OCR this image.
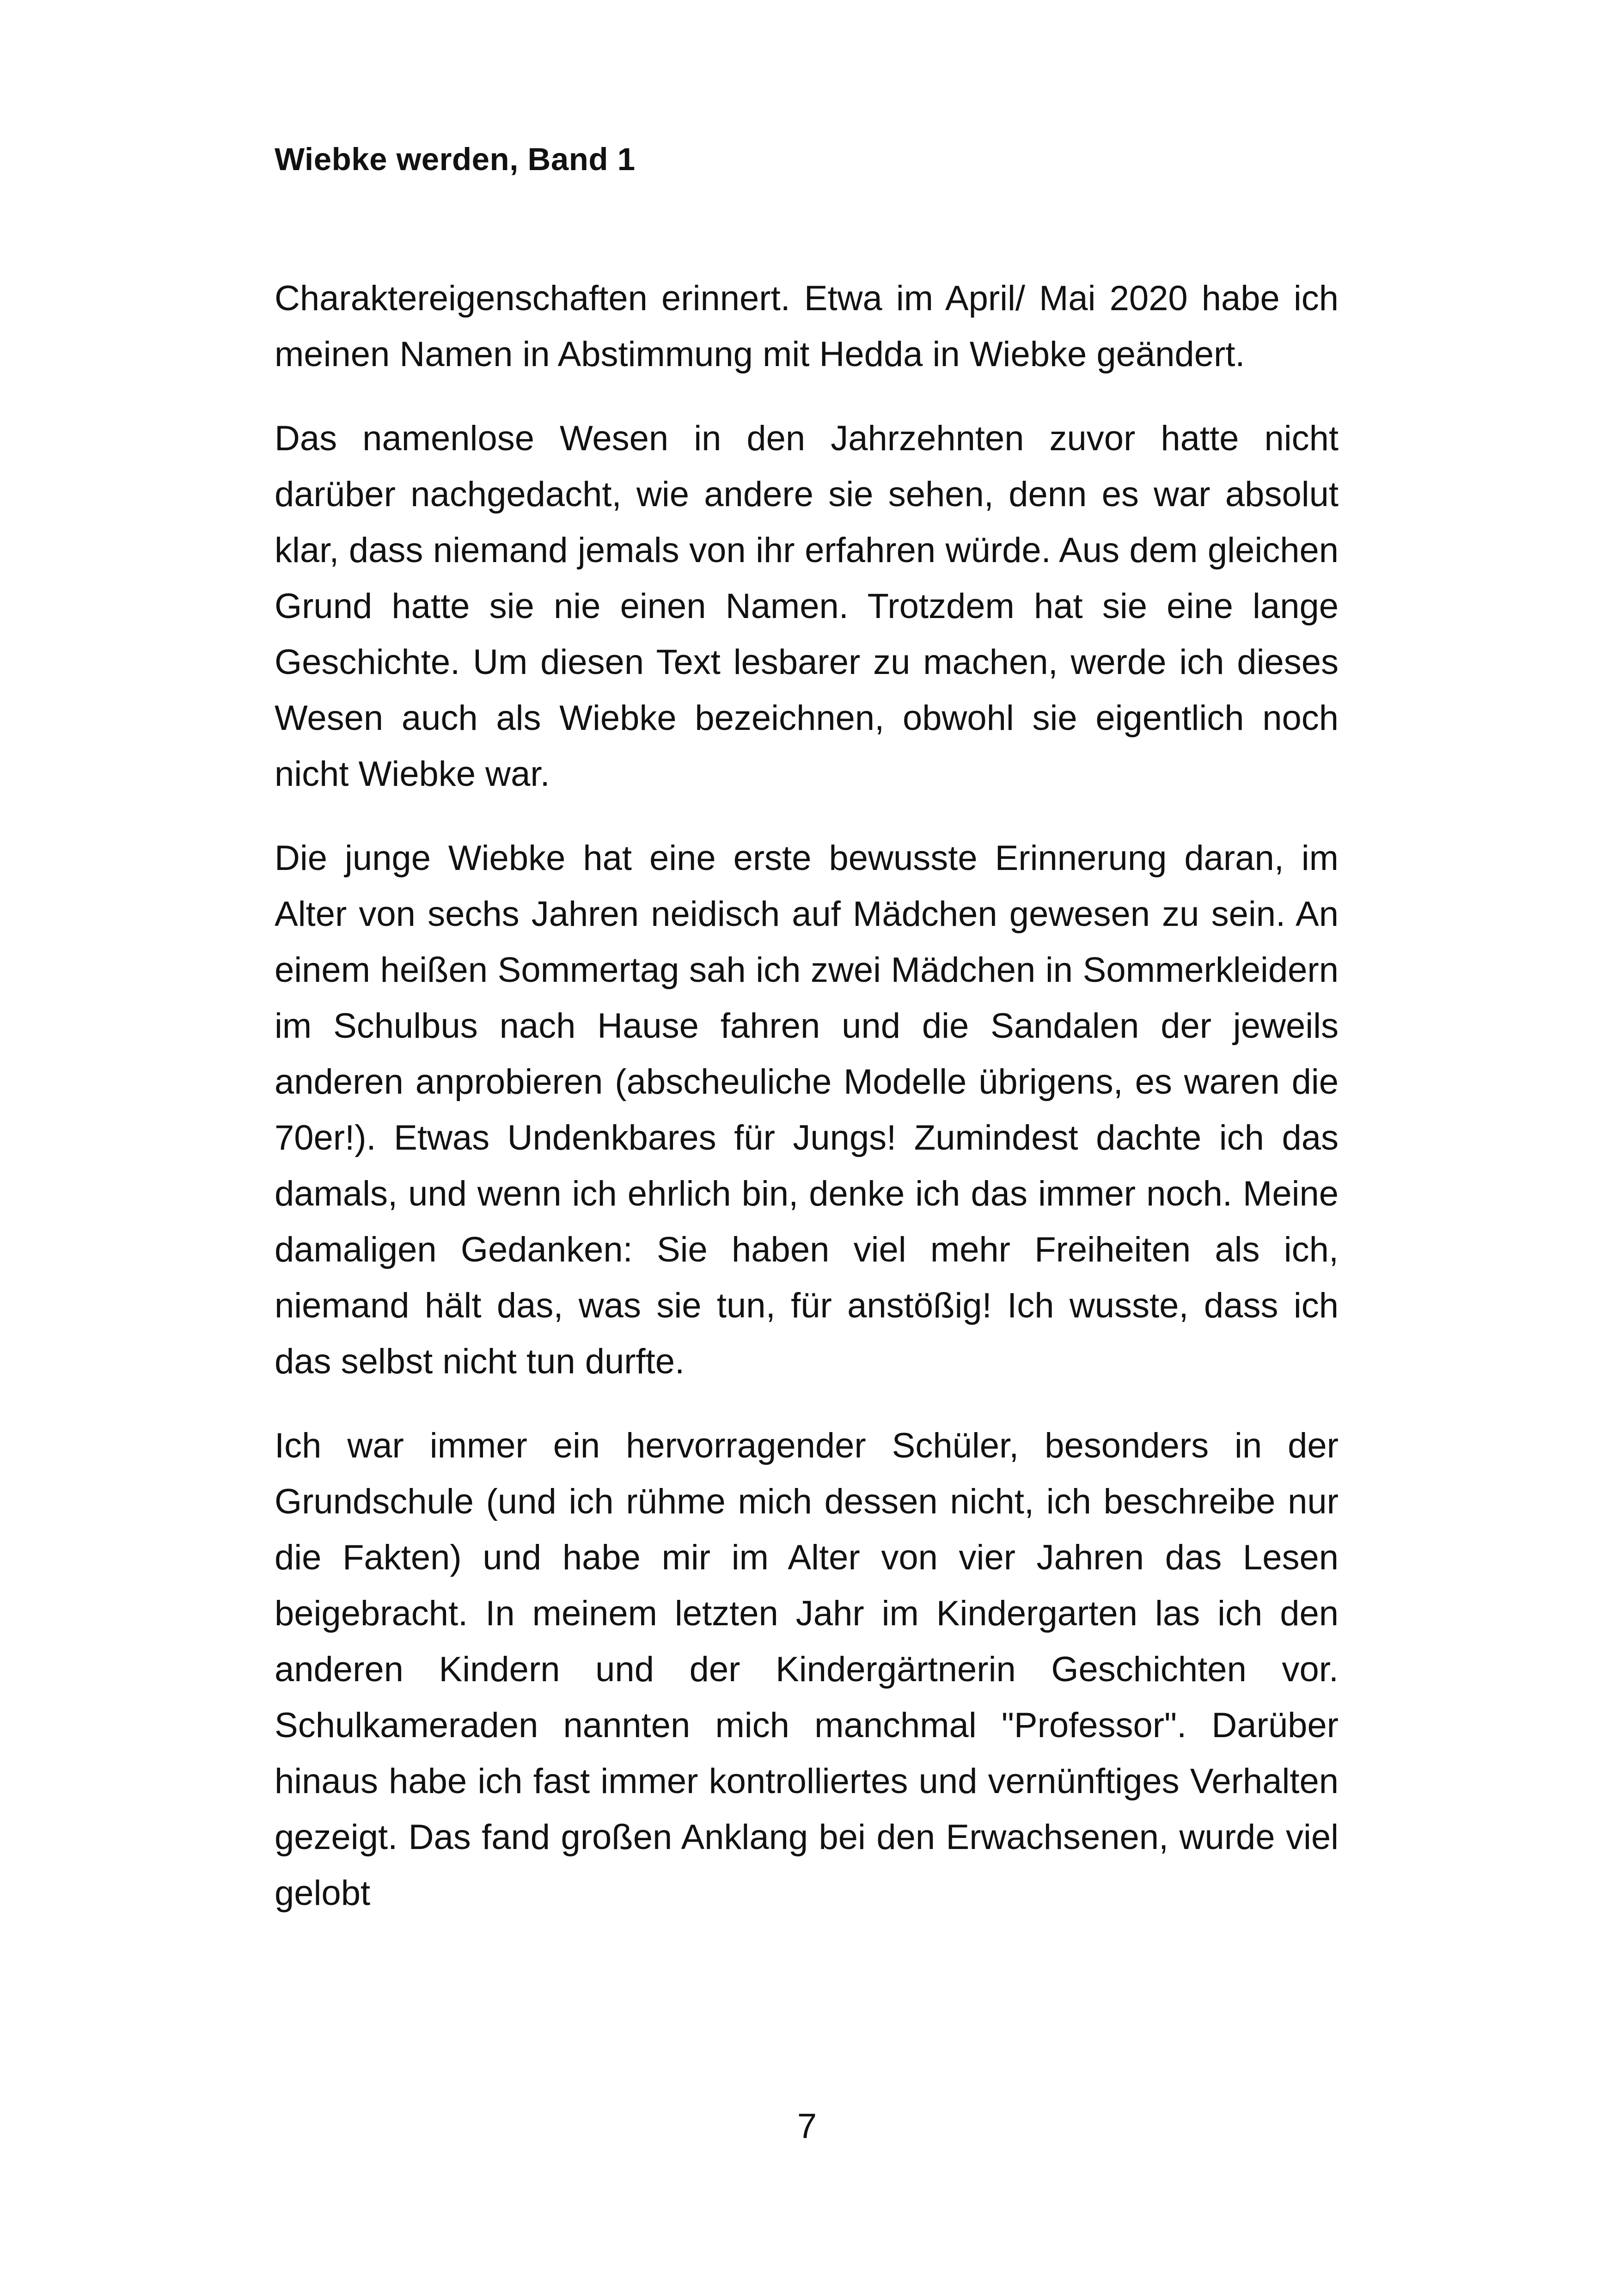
Wiebke werden, Band 1

Charaktereigenschaften erinnert. Etwa im April/ Mai 2020 habe ich meinen Namen in Abstimmung mit Hedda in Wiebke geändert.

Das namenlose Wesen in den Jahrzehnten zuvor hatte nicht darüber nachgedacht, wie andere sie sehen, denn es war absolut klar, dass niemand jemals von ihr erfahren würde. Aus dem gleichen Grund hatte sie nie einen Namen. Trotzdem hat sie eine lange Geschichte. Um diesen Text lesbarer zu machen, werde ich dieses Wesen auch als Wiebke bezeichnen, obwohl sie eigentlich noch nicht Wiebke war.

Die junge Wiebke hat eine erste bewusste Erinnerung daran, im Alter von sechs Jahren neidisch auf Mädchen gewesen zu sein. An einem heißen Sommertag sah ich zwei Mädchen in Sommerkleidern im Schulbus nach Hause fahren und die Sandalen der jeweils anderen anprobieren (abscheuliche Modelle übrigens, es waren die 70er!). Etwas Undenkbares für Jungs! Zumindest dachte ich das damals, und wenn ich ehrlich bin, denke ich das immer noch. Meine damaligen Gedanken: Sie haben viel mehr Freiheiten als ich, niemand hält das, was sie tun, für anstößig! Ich wusste, dass ich das selbst nicht tun durfte.

Ich war immer ein hervorragender Schüler, besonders in der Grundschule (und ich rühme mich dessen nicht, ich beschreibe nur die Fakten) und habe mir im Alter von vier Jahren das Lesen beigebracht. In meinem letzten Jahr im Kindergarten las ich den anderen Kindern und der Kindergärtnerin Geschichten vor. Schulkameraden nannten mich manchmal "Professor". Darüber hinaus habe ich fast immer kontrolliertes und vernünftiges Verhalten gezeigt. Das fand großen Anklang bei den Erwachsenen, wurde viel gelobt

7
